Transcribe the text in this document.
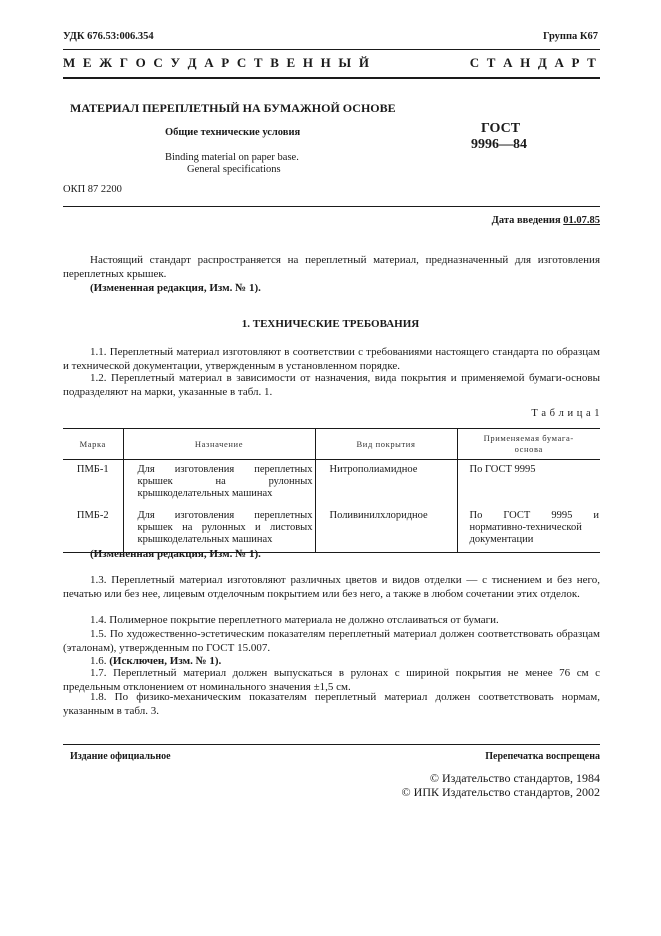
УДК 676.53:006.354	Группа К67
М Е Ж Г О С У Д А Р С Т В Е Н Н Ы Й	С Т А Н Д А Р Т
МАТЕРИАЛ ПЕРЕПЛЕТНЫЙ НА БУМАЖНОЙ ОСНОВЕ
Общие технические условия
Binding material on paper base.
General specifications
ГОСТ
9996—84
ОКП 87 2200
Дата введения 01.07.85
Настоящий стандарт распространяется на переплетный материал, предназначенный для изготовления переплетных крышек.
(Измененная редакция, Изм. № 1).
1. ТЕХНИЧЕСКИЕ ТРЕБОВАНИЯ
1.1. Переплетный материал изготовляют в соответствии с требованиями настоящего стандарта по образцам и технической документации, утвержденным в установленном порядке.
1.2. Переплетный материал в зависимости от назначения, вида покрытия и применяемой бумаги-основы подразделяют на марки, указанные в табл. 1.
Т а б л и ц а 1
Марка	Назначение	Вид покрытия	Применяемая бумага-основа
ПМБ-1	Для изготовления переплетных крышек на рулонных крышкоделательных машинах	Нитрополиамидное	По ГОСТ 9995
ПМБ-2	Для изготовления переплетных крышек на рулонных и листовых крышкоделательных машинах	Поливинилхлоридное	По ГОСТ 9995 и нормативно-технической документации
(Измененная редакция, Изм. № 1).
1.3. Переплетный материал изготовляют различных цветов и видов отделки — с тиснением и без него, печатью или без нее, лицевым отделочным покрытием или без него, а также в любом сочетании этих отделок.
1.4. Полимерное покрытие переплетного материала не должно отслаиваться от бумаги.
1.5. По художественно-эстетическим показателям переплетный материал должен соответствовать образцам (эталонам), утвержденным по ГОСТ 15.007.
1.6. (Исключен, Изм. № 1).
1.7. Переплетный материал должен выпускаться в рулонах с шириной покрытия не менее 76 см с предельным отклонением от номинального значения ±1,5 см.
1.8. По физико-механическим показателям переплетный материал должен соответствовать нормам, указанным в табл. 3.
Издание официальное	Перепечатка воспрещена
© Издательство стандартов, 1984
© ИПК Издательство стандартов, 2002
